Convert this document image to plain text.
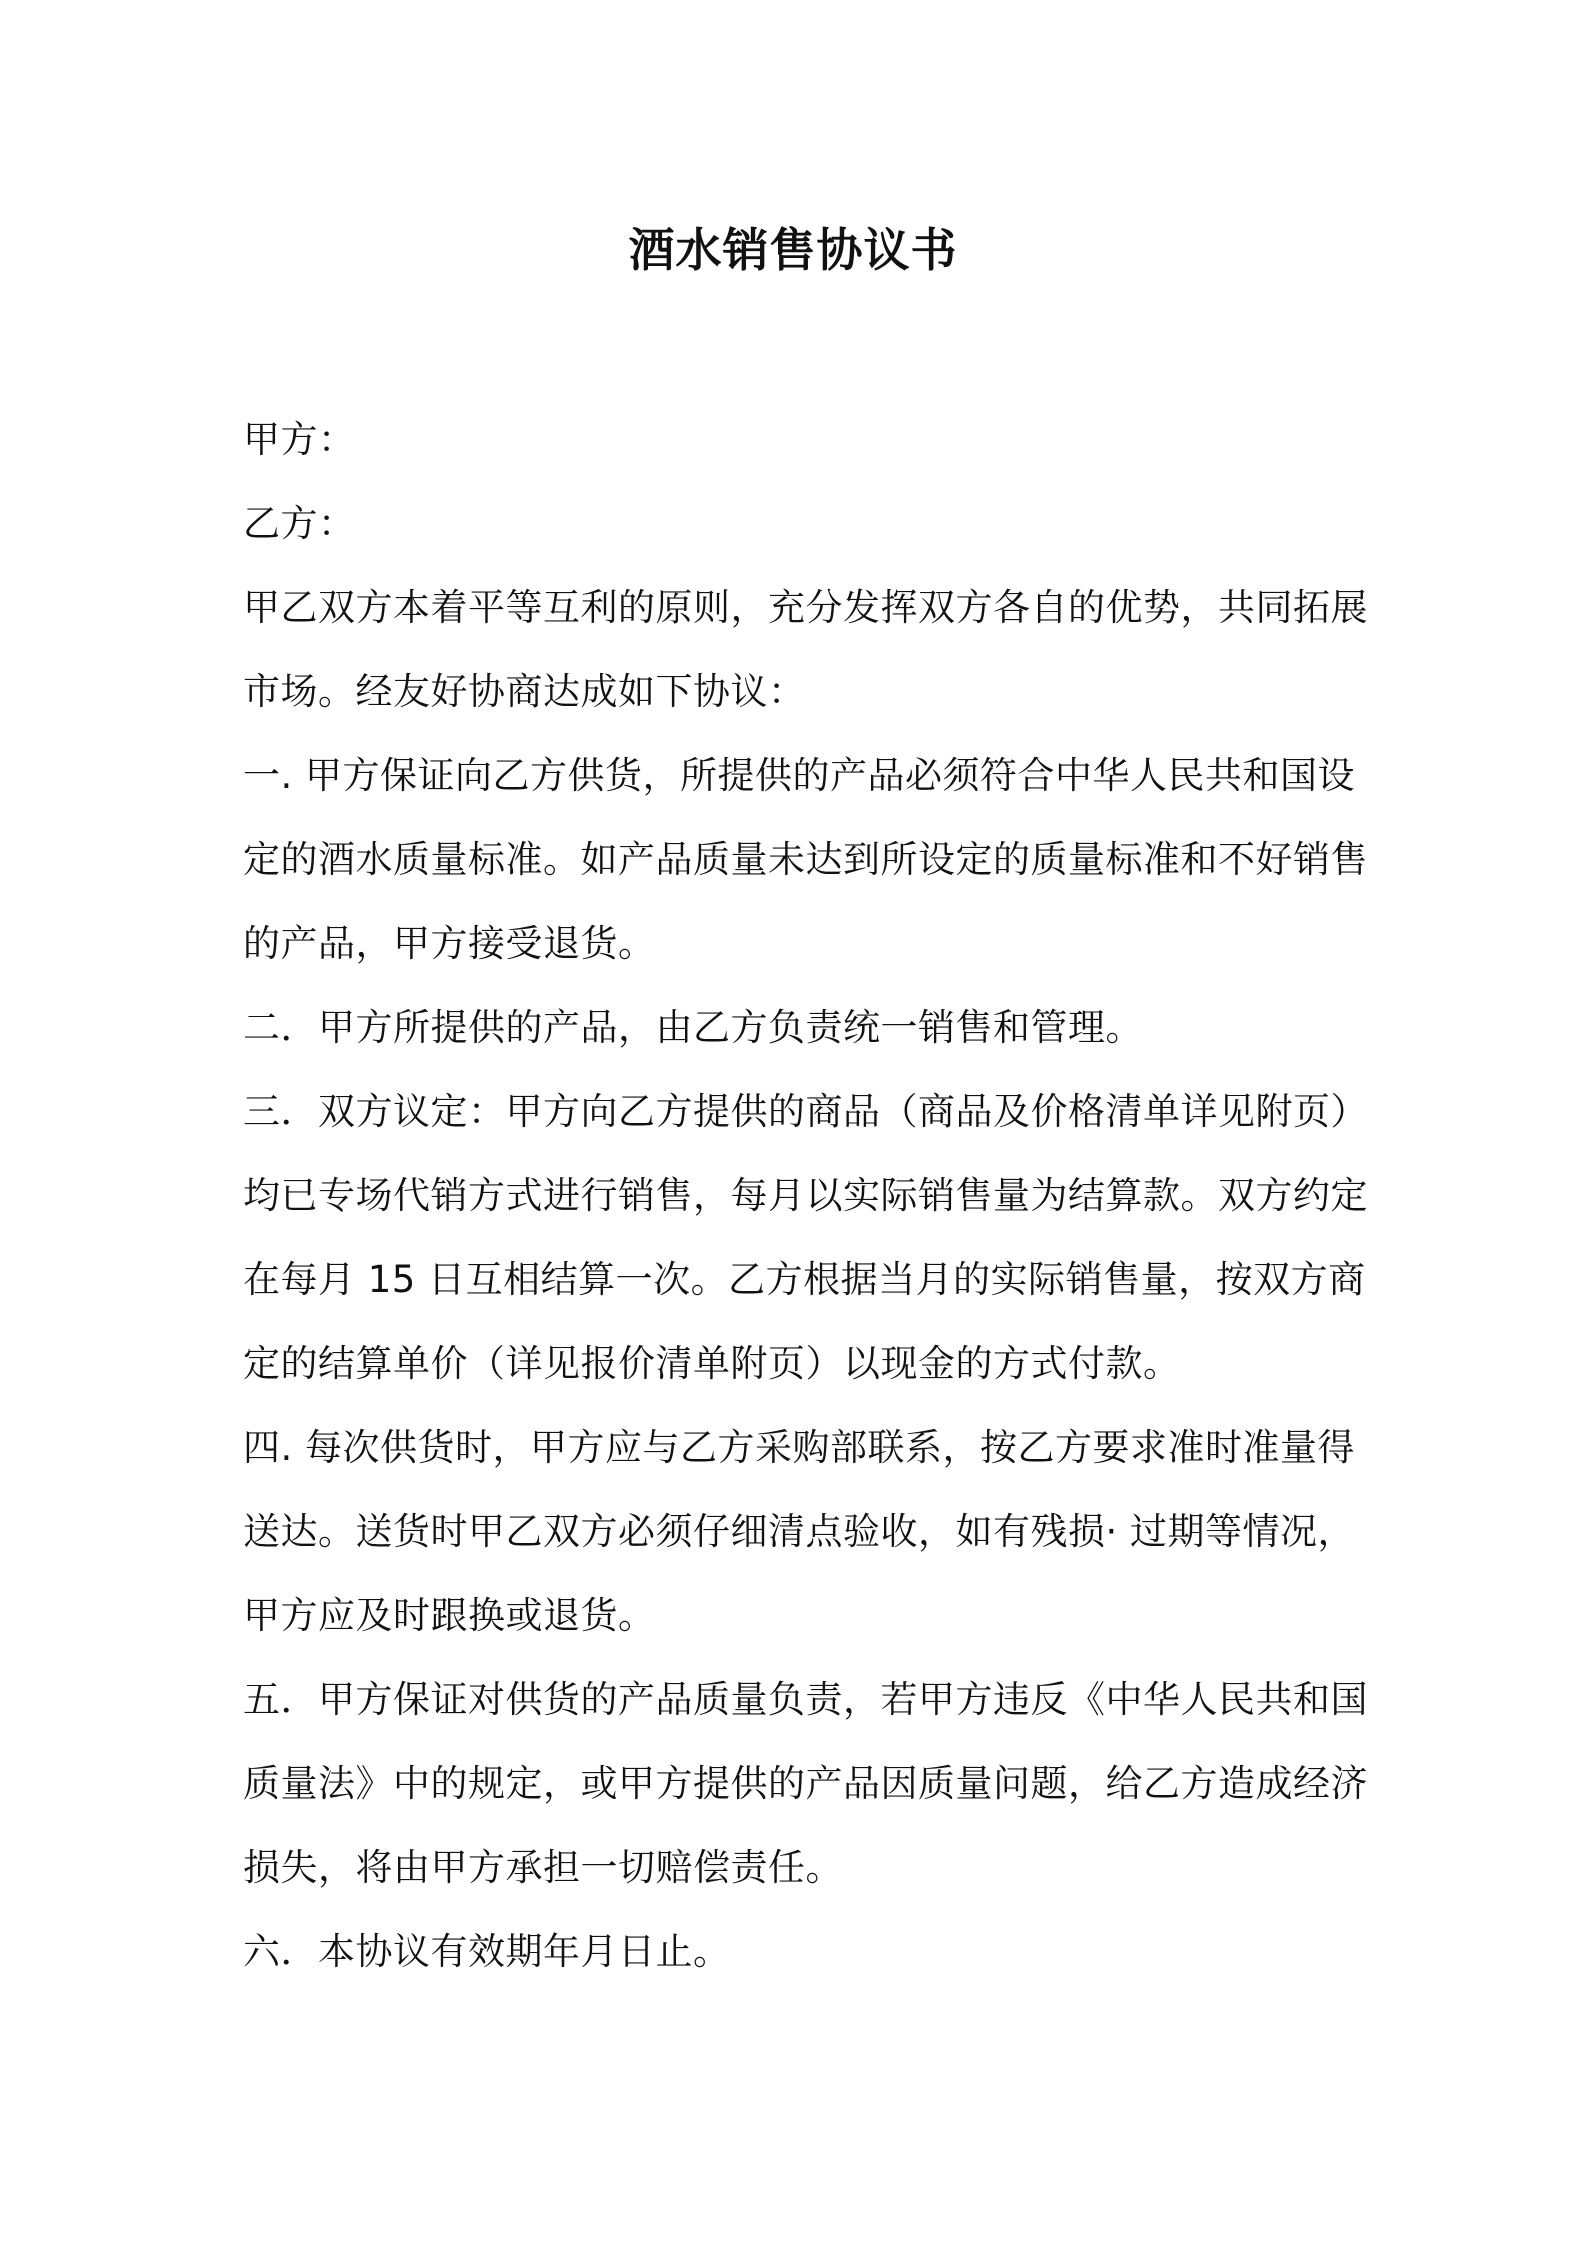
酒水销售协议书
甲方：
乙方：
甲乙双方本着平等互利的原则，充分发挥双方各自的优势，共同拓展
市场。经友好协商达成如下协议：
一. 甲方保证向乙方供货，所提供的产品必须符合中华人民共和国设
定的酒水质量标准。如产品质量未达到所设定的质量标准和不好销售
的产品，甲方接受退货。
二．甲方所提供的产品，由乙方负责统一销售和管理。
三．双方议定：甲方向乙方提供的商品（商品及价格清单详见附页）
均已专场代销方式进行销售，每月以实际销售量为结算款。双方约定
在每月 15 日互相结算一次。乙方根据当月的实际销售量，按双方商
定的结算单价（详见报价清单附页）以现金的方式付款。
四. 每次供货时，甲方应与乙方采购部联系，按乙方要求准时准量得
送达。送货时甲乙双方必须仔细清点验收，如有残损· 过期等情况，
甲方应及时跟换或退货。
五．甲方保证对供货的产品质量负责，若甲方违反《中华人民共和国
质量法》中的规定，或甲方提供的产品因质量问题，给乙方造成经济
损失，将由甲方承担一切赔偿责任。
六．本协议有效期年月日止。
